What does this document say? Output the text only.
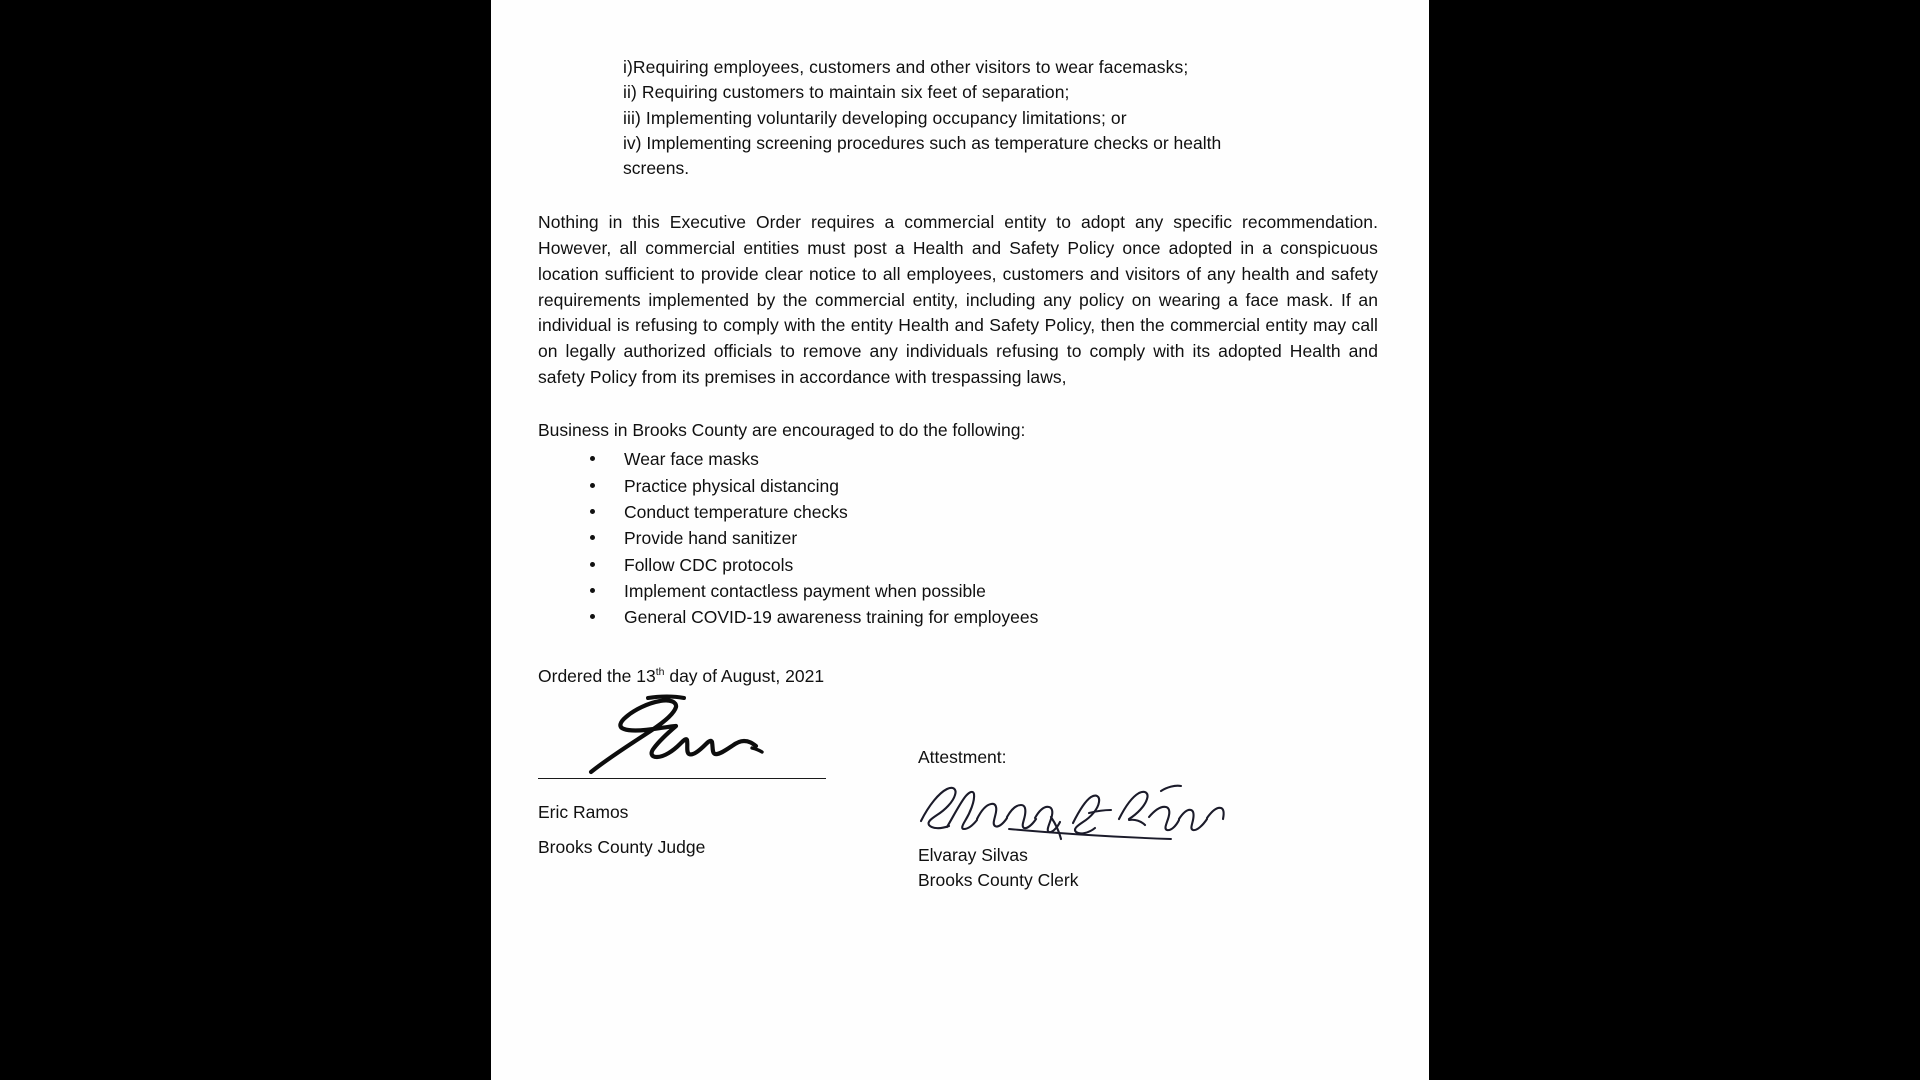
i)Requiring employees, customers and other visitors to wear facemasks;
ii) Requiring customers to maintain six feet of separation;
iii) Implementing voluntarily developing occupancy limitations; or
iv) Implementing screening procedures such as temperature checks or health
screens.

Nothing in this Executive Order requires a commercial entity to adopt any specific recommendation. However, all commercial entities must post a Health and Safety Policy once adopted in a conspicuous location sufficient to provide clear notice to all employees, customers and visitors of any health and safety requirements implemented by the commercial entity, including any policy on wearing a face mask. If an individual is refusing to comply with the entity Health and Safety Policy, then the commercial entity may call on legally authorized officials to remove any individuals refusing to comply with its adopted Health and safety Policy from its premises in accordance with trespassing laws,

Business in Brooks County are encouraged to do the following:
Wear face masks
Practice physical distancing
Conduct temperature checks
Provide hand sanitizer
Follow CDC protocols
Implement contactless payment when possible
General COVID-19 awareness training for employees
Ordered the 13th day of August, 2021
Eric Ramos
Brooks County Judge
Attestment:
Elvaray Silvas
Brooks County Clerk
